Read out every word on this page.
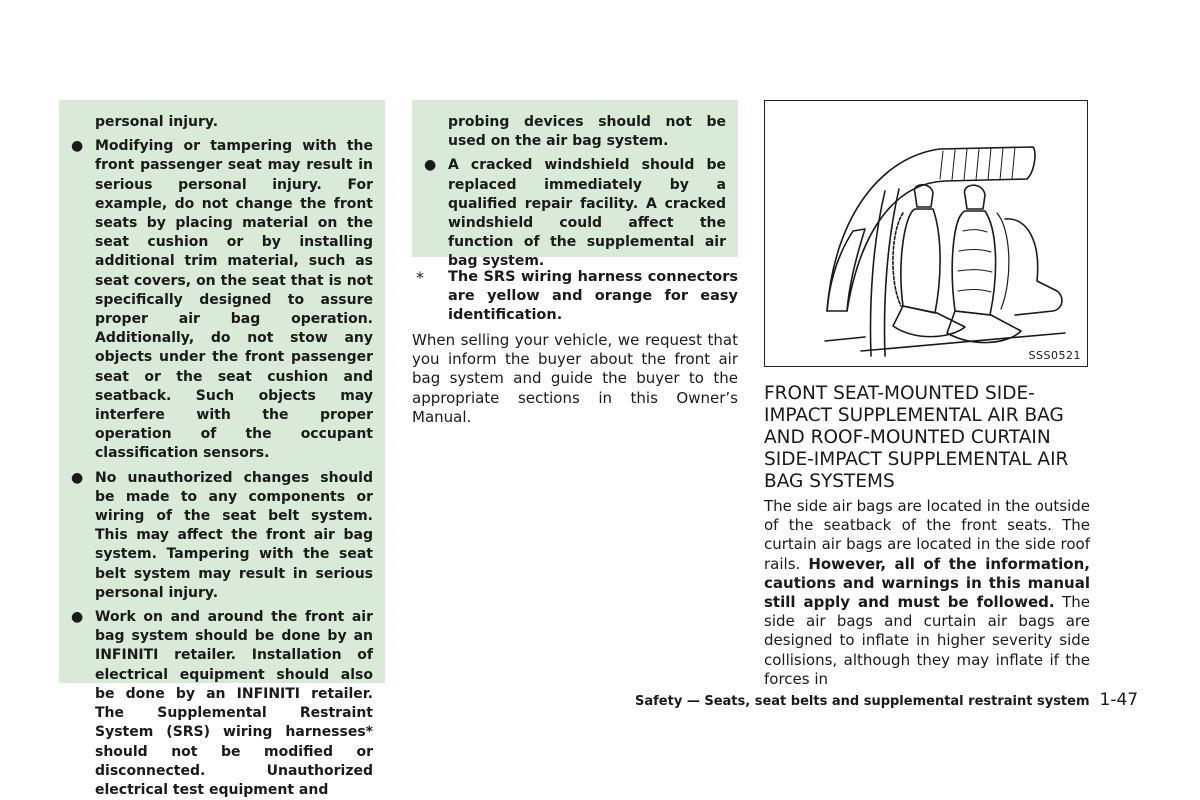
personal injury.

● Modifying or tampering with the front passenger seat may result in serious personal injury. For example, do not change the front seats by placing material on the seat cushion or by installing additional trim material, such as seat covers, on the seat that is not specifically designed to assure proper air bag operation. Additionally, do not stow any objects under the front passenger seat or the seat cushion and seatback. Such objects may interfere with the proper operation of the occupant classification sensors.

● No unauthorized changes should be made to any components or wiring of the seat belt system. This may affect the front air bag system. Tampering with the seat belt system may result in serious personal injury.

● Work on and around the front air bag system should be done by an INFINITI retailer. Installation of electrical equipment should also be done by an INFINITI retailer. The Supplemental Restraint System (SRS) wiring harnesses* should not be modified or disconnected. Unauthorized electrical test equipment and

probing devices should not be used on the air bag system.

● A cracked windshield should be replaced immediately by a qualified repair facility. A cracked windshield could affect the function of the supplemental air bag system.

*	The SRS wiring harness connectors are yellow and orange for easy identification.

When selling your vehicle, we request that you inform the buyer about the front air bag system and guide the buyer to the appropriate sections in this Owner’s Manual.

SSS0521
FRONT SEAT-MOUNTED SIDE-IMPACT SUPPLEMENTAL AIR BAG AND ROOF-MOUNTED CURTAIN SIDE-IMPACT SUPPLEMENTAL AIR BAG SYSTEMS

The side air bags are located in the outside of the seatback of the front seats. The curtain air bags are located in the side roof rails. However, all of the information, cautions and warnings in this manual still apply and must be followed. The side air bags and curtain air bags are designed to inflate in higher severity side collisions, although they may inflate if the forces in

Safety — Seats, seat belts and supplemental restraint system 1-47
